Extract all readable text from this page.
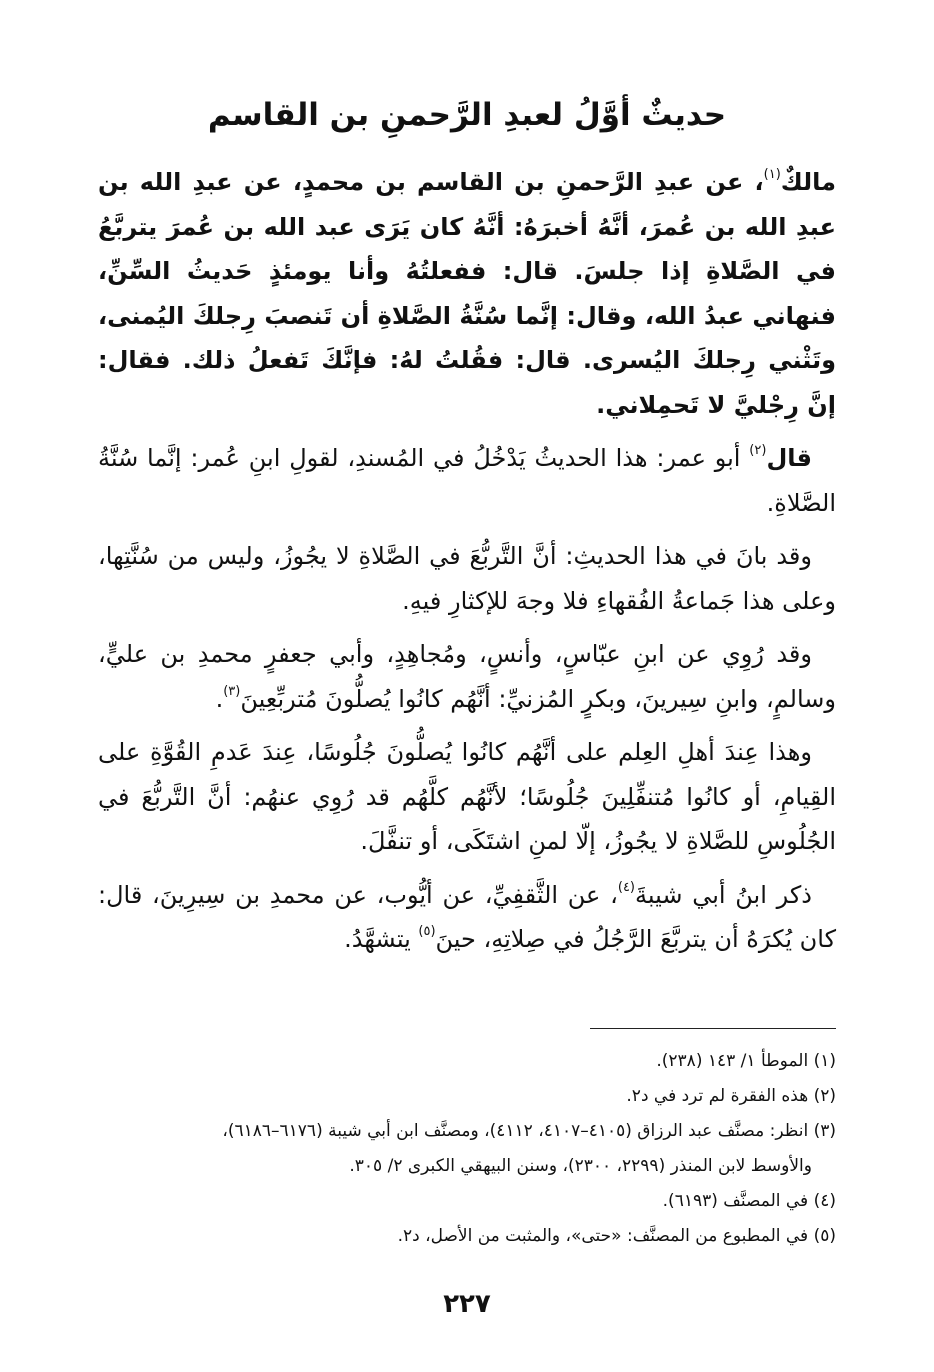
حديثٌ أوَّلُ لعبدِ الرَّحمنِ بن القاسم

مالكٌ$^{(١)}$، عن عبدِ الرَّحمنِ بن القاسم بن محمدٍ، عن عبدِ الله بن عبدِ الله بن عُمرَ، أنَّهُ أخبرَهُ: أنَّهُ كان يَرَى عبد الله بن عُمرَ يتربَّعُ في الصَّلاةِ إذا جلسَ. قال: ففعلتُهُ وأنا يومئذٍ حَديثُ السِّنِّ، فنهاني عبدُ الله، وقال: إنَّما سُنَّةُ الصَّلاةِ أن تَنصبَ رِجلكَ اليُمنى، وتَثْني رِجلكَ اليُسرى. قال: فقُلتُ لهُ: فإنَّكَ تَفعلُ ذلك. فقال: إنَّ رِجْليَّ لا تَحمِلاني.

قال$^{(٢)}$ أبو عمر: هذا الحديثُ يَدْخُلُ في المُسندِ، لقولِ ابنِ عُمر: إنَّما سُنَّةُ الصَّلاةِ.

وقد بانَ في هذا الحديثِ: أنَّ التَّربُّعَ في الصَّلاةِ لا يجُوزُ، وليس من سُنَّتِها، وعلى هذا جَماعةُ الفُقهاءِ فلا وجهَ للإكثارِ فيهِ.

وقد رُوِي عن ابنِ عبّاسٍ، وأنسٍ، ومُجاهِدٍ، وأبي جعفرٍ محمدِ بن عليٍّ، وسالمٍ، وابنِ سِيرينَ، وبكرٍ المُزنيِّ: أنَّهُم كانُوا يُصلُّونَ مُتربِّعِينَ$^{(٣)}$.

وهذا عِندَ أهلِ العِلم على أنَّهُم كانُوا يُصلُّونَ جُلُوسًا، عِندَ عَدمِ القُوَّةِ على القِيامِ، أو كانُوا مُتنفِّلِينَ جُلُوسًا؛ لأنَّهُم كلَّهُم قد رُوِي عنهُم: أنَّ التَّربُّعَ في الجُلُوسِ للصَّلاةِ لا يجُوزُ، إلّا لمنِ اشتَكَى، أو تنفَّلَ.

ذكر ابنُ أبي شيبةَ$^{(٤)}$، عن الثَّقفِيِّ، عن أيُّوب، عن محمدِ بن سِيرِينَ، قال: كان يُكرَهُ أن يتربَّعَ الرَّجُلُ في صِلاتِهِ، حينَ$^{(٥)}$ يتشهَّدُ.

(١) الموطأ ١/ ١٤٣ (٢٣٨).

(٢) هذه الفقرة لم ترد في د٢.

(٣) انظر: مصنَّف عبد الرزاق (٤١٠٥–٤١٠٧، ٤١١٢)، ومصنَّف ابن أبي شيبة (٦١٧٦–٦١٨٦)،
والأوسط لابن المنذر (٢٢٩٩، ٢٣٠٠)، وسنن البيهقي الكبرى ٢/ ٣٠٥.

(٤) في المصنَّف (٦١٩٣).

(٥) في المطبوع من المصنَّف: «حتى»، والمثبت من الأصل، د٢.

٢٢٧
